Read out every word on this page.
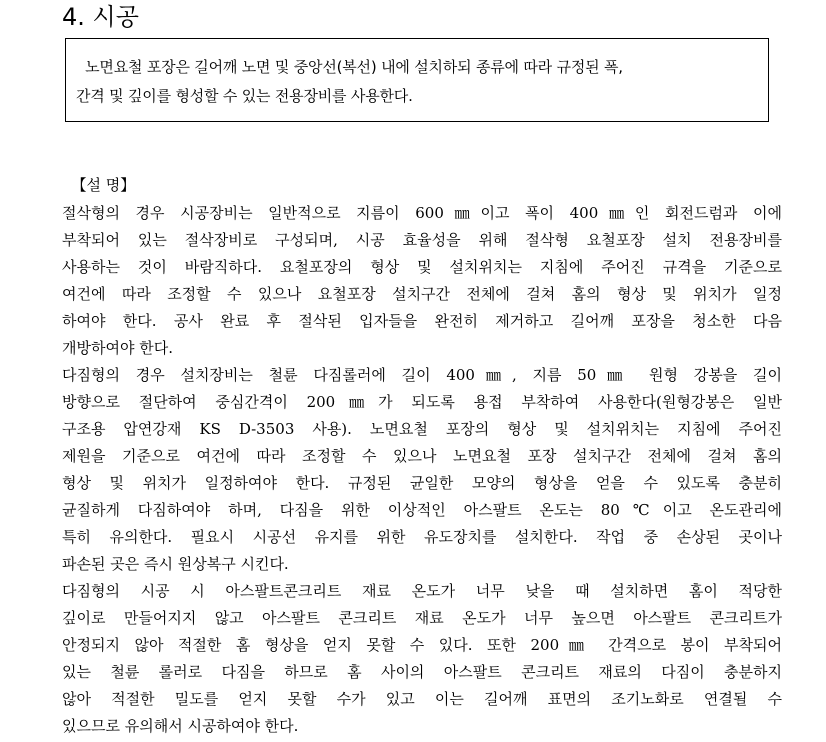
4. 시공

노면요철 포장은 길어깨 노면 및 중앙선(복선) 내에 설치하되 종류에 따라 규정된 폭,

간격 및 깊이를 형성할 수 있는 전용장비를 사용한다.

【설 명】

절삭형의 경우 시공장비는 일반적으로 지름이 600㎜이고 폭이 400㎜인 회전드럼과 이에
부착되어 있는 절삭장비로 구성되며, 시공 효율성을 위해 절삭형 요철포장 설치 전용장비를
사용하는 것이 바람직하다. 요철포장의 형상 및 설치위치는 지침에 주어진 규격을 기준으로
여건에 따라 조정할 수 있으나 요철포장 설치구간 전체에 걸쳐 홈의 형상 및 위치가 일정
하여야 한다. 공사 완료 후 절삭된 입자들을 완전히 제거하고 길어깨 포장을 청소한 다음
개방하여야 한다.
다짐형의 경우 설치장비는 철륜 다짐롤러에 길이 400㎜, 지름 50㎜ 원형 강봉을 길이
방향으로 절단하여 중심간격이 200㎜가 되도록 용접 부착하여 사용한다(원형강봉은 일반
구조용 압연강재 KS D-3503 사용). 노면요철 포장의 형상 및 설치위치는 지침에 주어진
제원을 기준으로 여건에 따라 조정할 수 있으나 노면요철 포장 설치구간 전체에 걸쳐 홈의
형상 및 위치가 일정하여야 한다. 규정된 균일한 모양의 형상을 얻을 수 있도록 충분히
균질하게 다짐하여야 하며, 다짐을 위한 이상적인 아스팔트 온도는 80℃이고 온도관리에
특히 유의한다. 필요시 시공선 유지를 위한 유도장치를 설치한다. 작업 중 손상된 곳이나
파손된 곳은 즉시 원상복구 시킨다.
다짐형의 시공 시 아스팔트콘크리트 재료 온도가 너무 낮을 때 설치하면 홈이 적당한
깊이로 만들어지지 않고 아스팔트 콘크리트 재료 온도가 너무 높으면 아스팔트 콘크리트가
안정되지 않아 적절한 홈 형상을 얻지 못할 수 있다. 또한 200㎜ 간격으로 봉이 부착되어
있는 철륜 롤러로 다짐을 하므로 홈 사이의 아스팔트 콘크리트 재료의 다짐이 충분하지
않아 적절한 밀도를 얻지 못할 수가 있고 이는 길어깨 표면의 조기노화로 연결될 수
있으므로 유의해서 시공하여야 한다.
